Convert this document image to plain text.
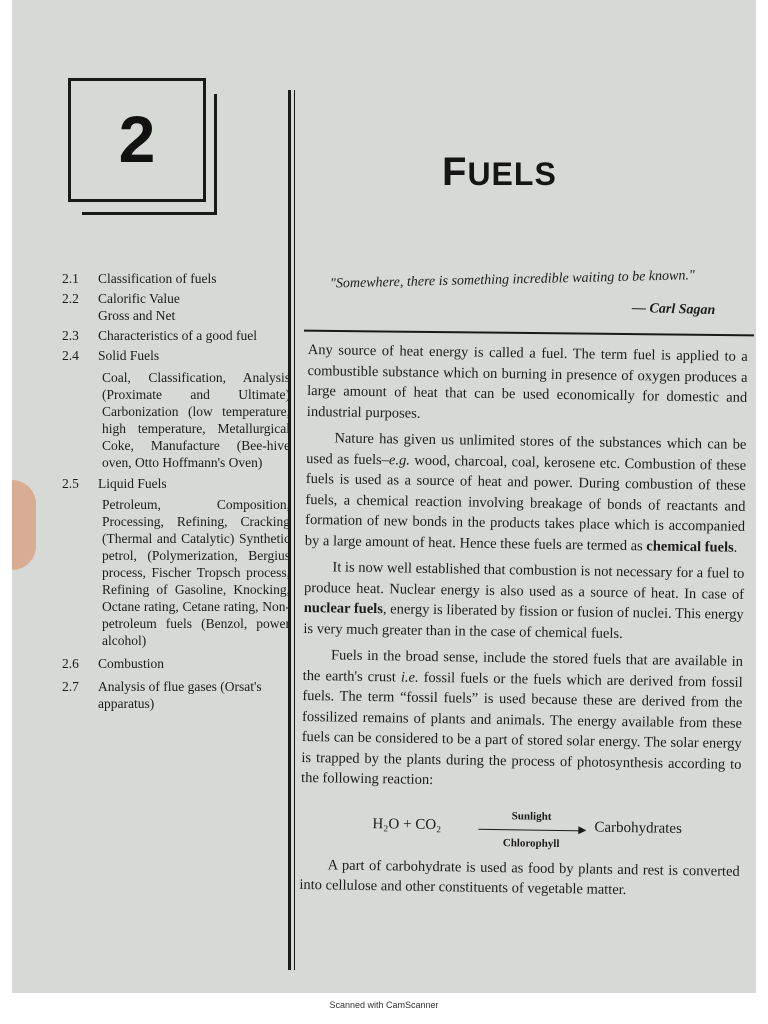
2	FUELS
"Somewhere, there is something incredible waiting to be known."
— Carl Sagan
2.1 Classification of fuels
2.2 Calorific Value
Gross and Net
2.3 Characteristics of a good fuel
2.4 Solid Fuels
Coal, Classification, Analysis (Proximate and Ultimate) Carbonization (low temperature, high temperature, Metallurgical Coke, Manufacture (Bee-hive oven, Otto Hoffmann's Oven)
2.5 Liquid Fuels
Petroleum, Composition, Processing, Refining, Cracking (Thermal and Catalytic) Synthetic petrol, (Polymerization, Bergius process, Fischer Tropsch process, Refining of Gasoline, Knocking, Octane rating, Cetane rating, Non-petroleum fuels (Benzol, power alcohol)
2.6 Combustion
2.7 Analysis of flue gases (Orsat's apparatus)

Any source of heat energy is called a fuel. The term fuel is applied to a combustible substance which on burning in presence of oxygen produces a large amount of heat that can be used economically for domestic and industrial purposes.

Nature has given us unlimited stores of the substances which can be used as fuels–e.g. wood, charcoal, coal, kerosene etc. Combustion of these fuels is used as a source of heat and power. During combustion of these fuels, a chemical reaction involving breakage of bonds of reactants and formation of new bonds in the products takes place which is accompanied by a large amount of heat. Hence these fuels are termed as chemical fuels.

It is now well established that combustion is not necessary for a fuel to produce heat. Nuclear energy is also used as a source of heat. In case of nuclear fuels, energy is liberated by fission or fusion of nuclei. This energy is very much greater than in the case of chemical fuels.

Fuels in the broad sense, include the stored fuels that are available in the earth's crust i.e. fossil fuels or the fuels which are derived from fossil fuels. The term “fossil fuels” is used because these are derived from the fossilized remains of plants and animals. The energy available from these fuels can be considered to be a part of stored solar energy. The solar energy is trapped by the plants during the process of photosynthesis according to the following reaction:

H₂O + CO₂	Sunlight
Chlorophyll
Carbohydrates

A part of carbohydrate is used as food by plants and rest is converted into cellulose and other constituents of vegetable matter.

Scanned with CamScanner
